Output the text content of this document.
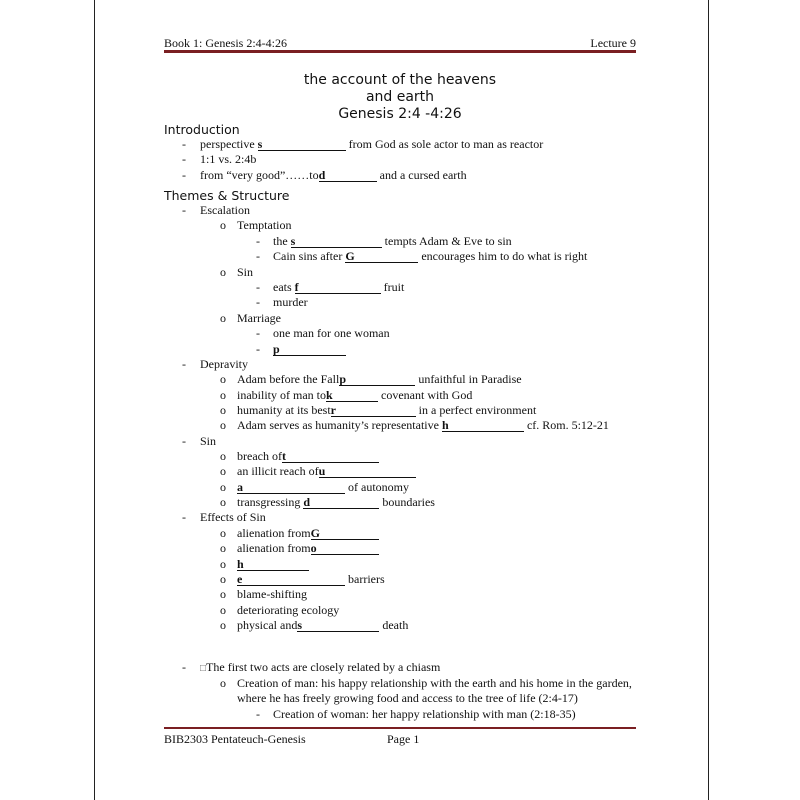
Book 1: Genesis 2:4-4:26	Lecture 9
the account of the heavens
and earth
Genesis 2:4 -4:26
Introduction
- perspective s	from God as sole actor to man as reactor
- 1:1 vs. 2:4b
- from “very good”……tod	and a cursed earth
Themes & Structure
- Escalation
o Temptation
- the s	tempts Adam & Eve to sin
- Cain sins after G	encourages him to do what is right
o Sin
- eats f	fruit
- murder
o Marriage
- one man for one woman
- p
- Depravity
o Adam before the Fallp	unfaithful in Paradise
o inability of man tok	covenant with God
o humanity at its bestr	in a perfect environment
o Adam serves as humanity’s representative h	cf. Rom. 5:12-21
- Sin
o breach oft
o an illicit reach ofu
o a	of autonomy
o transgressing d	boundaries
- Effects of Sin
o alienation fromG
o alienation fromo
o h
o e	barriers
o blame-shifting
o deteriorating ecology
o physical ands	death
- □The first two acts are closely related by a chiasm
o Creation of man: his happy relationship with the earth and his home in the garden,
where he has freely growing food and access to the tree of life (2:4-17)
- Creation of woman: her happy relationship with man (2:18-35)
BIB2303 Pentateuch-Genesis	Page 1
